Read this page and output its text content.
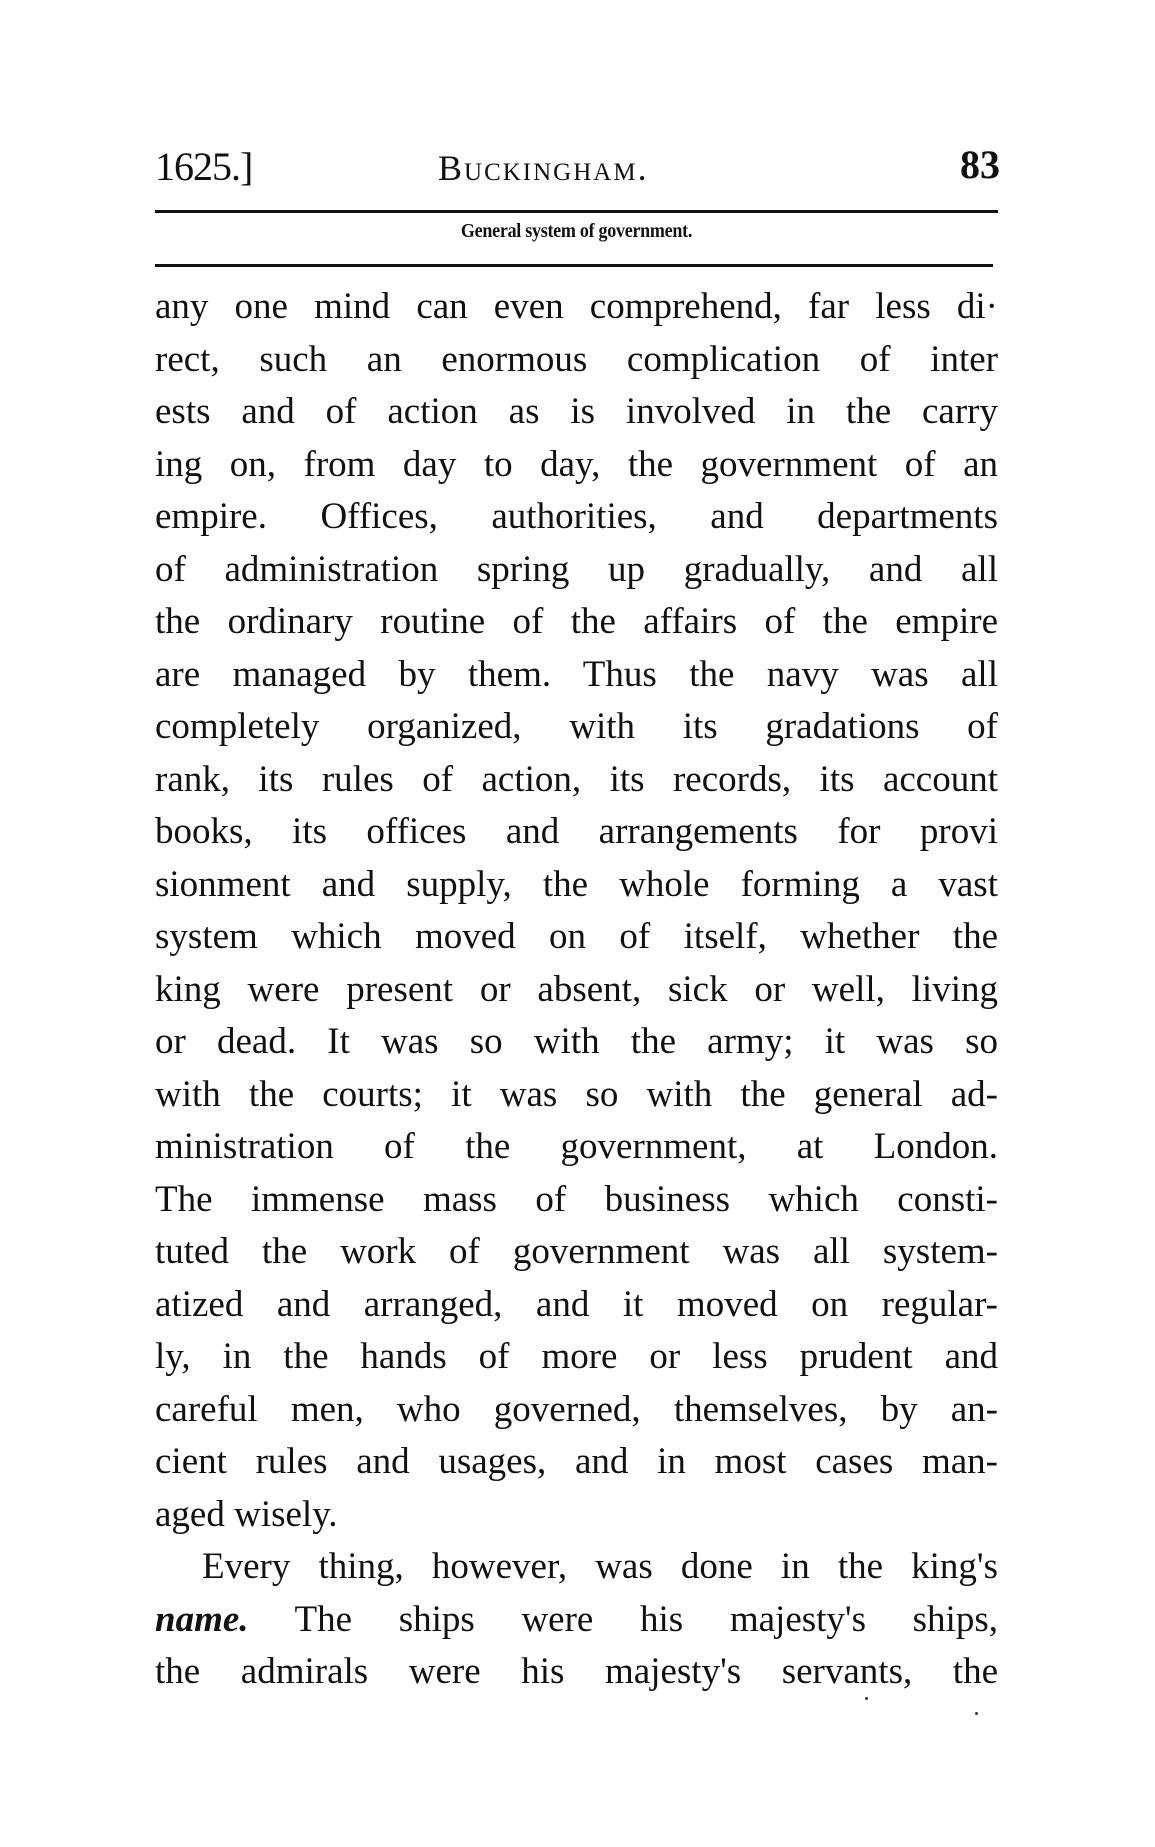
1625.]	Buckingham.	83
General system of government.
any one mind can even comprehend, far less di·
rect, such an enormous complication of inter
ests and of action as is involved in the carry
ing on, from day to day, the government of an
empire. Offices, authorities, and departments
of administration spring up gradually, and all
the ordinary routine of the affairs of the empire
are managed by them. Thus the navy was all
completely organized, with its gradations of
rank, its rules of action, its records, its account
books, its offices and arrangements for provi
sionment and supply, the whole forming a vast
system which moved on of itself, whether the
king were present or absent, sick or well, living
or dead. It was so with the army; it was so
with the courts; it was so with the general ad-
ministration of the government, at London.
The immense mass of business which consti-
tuted the work of government was all system-
atized and arranged, and it moved on regular-
ly, in the hands of more or less prudent and
careful men, who governed, themselves, by an-
cient rules and usages, and in most cases man-
aged wisely.
Every thing, however, was done in the king's
name. The ships were his majesty's ships,
the admirals were his majesty's servants, the
